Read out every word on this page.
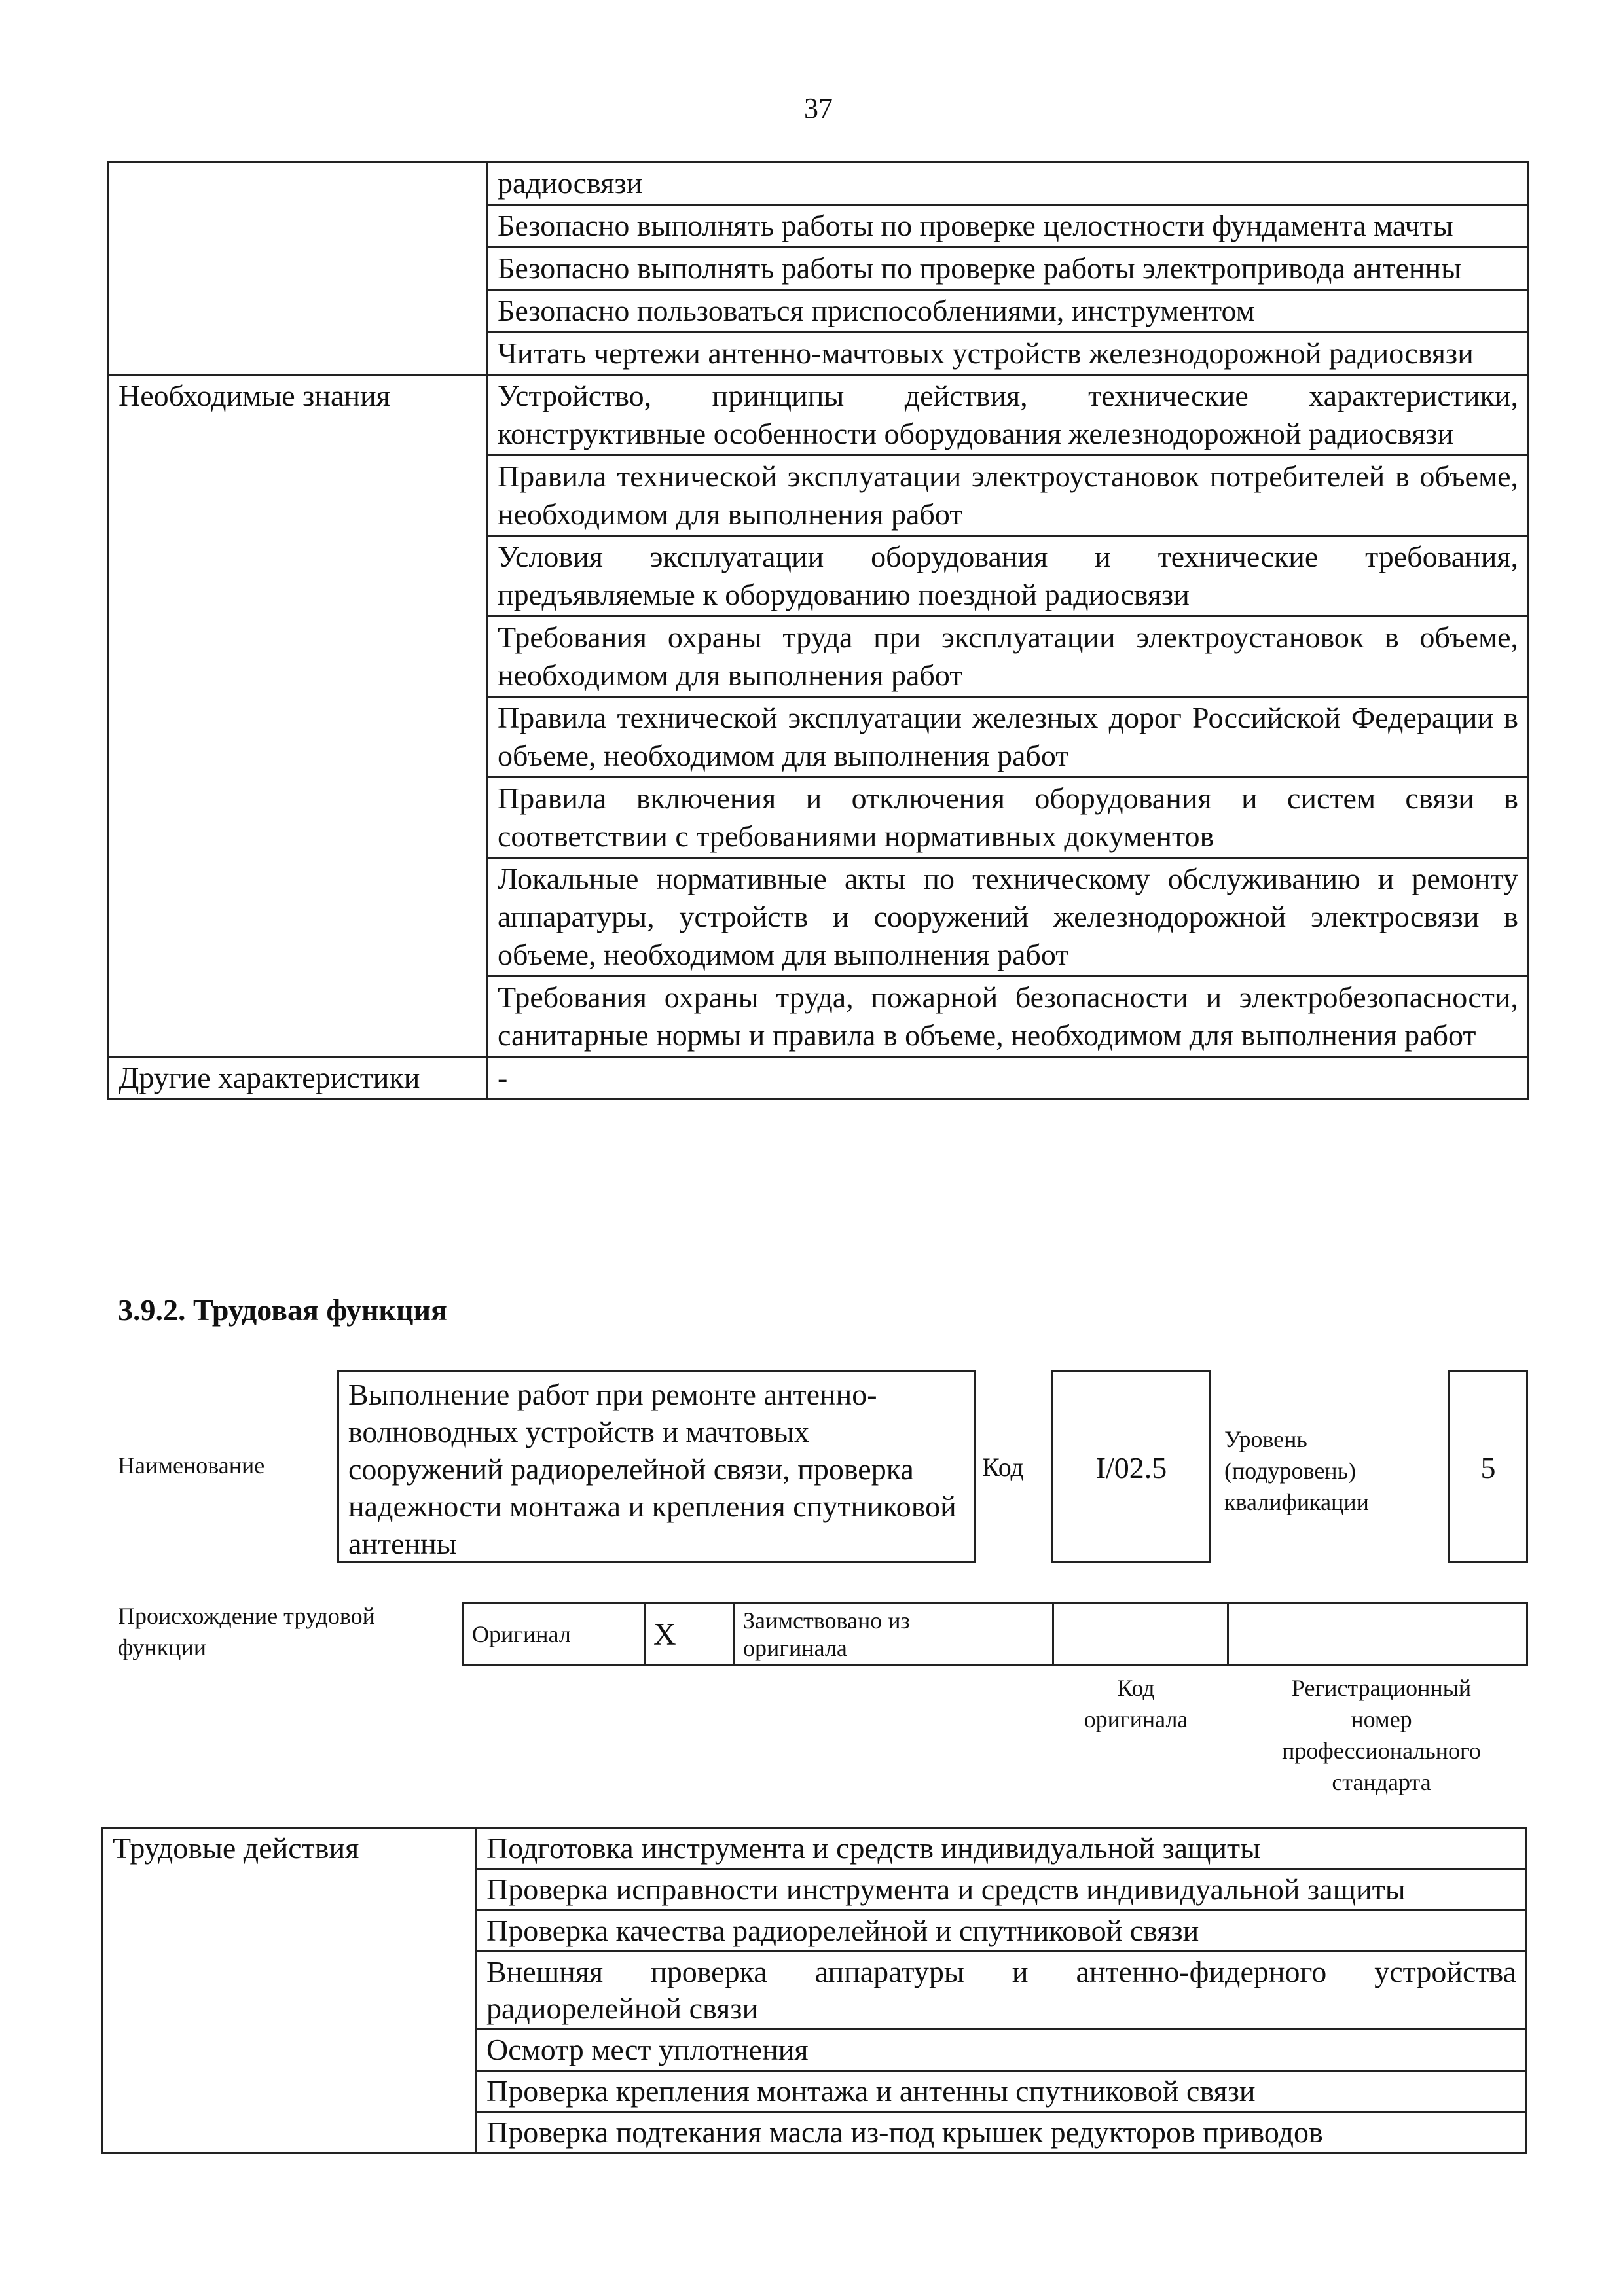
37
	радиосвязи
	Безопасно выполнять работы по проверке целостности фундамента мачты
	Безопасно выполнять работы по проверке работы электропривода антенны
	Безопасно пользоваться приспособлениями, инструментом
	Читать чертежи антенно-мачтовых устройств железнодорожной радиосвязи
Необходимые знания	Устройство, принципы действия, технические характеристики, конструктивные особенности оборудования железнодорожной радиосвязи
	Правила технической эксплуатации электроустановок потребителей в объеме, необходимом для выполнения работ
	Условия эксплуатации оборудования и технические требования, предъявляемые к оборудованию поездной радиосвязи
	Требования охраны труда при эксплуатации электроустановок в объеме, необходимом для выполнения работ
	Правила технической эксплуатации железных дорог Российской Федерации в объеме, необходимом для выполнения работ
	Правила включения и отключения оборудования и систем связи в соответствии с требованиями нормативных документов
	Локальные нормативные акты по техническому обслуживанию и ремонту аппаратуры, устройств и сооружений железнодорожной электросвязи в объеме, необходимом для выполнения работ
	Требования охраны труда, пожарной безопасности и электробезопасности, санитарные нормы и правила в объеме, необходимом для выполнения работ
Другие характеристики	-
3.9.2. Трудовая функция
Наименование
Выполнение работ при ремонте антенно-волноводных устройств и мачтовых сооружений радиорелейной связи, проверка надежности монтажа и крепления спутниковой антенны
Код	I/02.5
Уровень
(подуровень)
квалификации
5
Происхождение трудовой
функции	Оригинал	X	Заимствовано из
оригинала

Код
оригинала
Регистрационный
номер
профессионального
стандарта
Трудовые действия	Подготовка инструмента и средств индивидуальной защиты
Проверка исправности инструмента и средств индивидуальной защиты
Проверка качества радиорелейной и спутниковой связи
Внешняя проверка аппаратуры и антенно-фидерного устройства радиорелейной связи
Осмотр мест уплотнения
Проверка крепления монтажа и антенны спутниковой связи
Проверка подтекания масла из-под крышек редукторов приводов
